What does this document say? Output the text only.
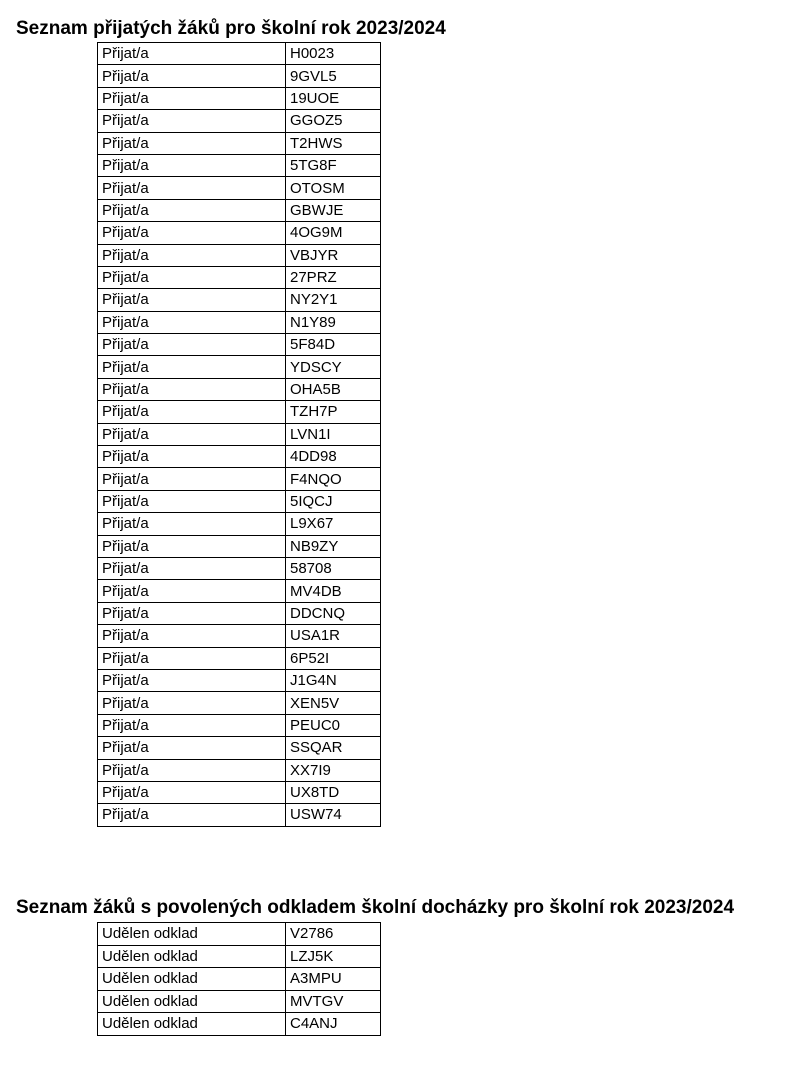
Seznam přijatých žáků pro školní rok 2023/2024
Přijat/a	H0023
Přijat/a	9GVL5
Přijat/a	19UOE
Přijat/a	GGOZ5
Přijat/a	T2HWS
Přijat/a	5TG8F
Přijat/a	OTOSM
Přijat/a	GBWJE
Přijat/a	4OG9M
Přijat/a	VBJYR
Přijat/a	27PRZ
Přijat/a	NY2Y1
Přijat/a	N1Y89
Přijat/a	5F84D
Přijat/a	YDSCY
Přijat/a	OHA5B
Přijat/a	TZH7P
Přijat/a	LVN1I
Přijat/a	4DD98
Přijat/a	F4NQO
Přijat/a	5IQCJ
Přijat/a	L9X67
Přijat/a	NB9ZY
Přijat/a	58708
Přijat/a	MV4DB
Přijat/a	DDCNQ
Přijat/a	USA1R
Přijat/a	6P52I
Přijat/a	J1G4N
Přijat/a	XEN5V
Přijat/a	PEUC0
Přijat/a	SSQAR
Přijat/a	XX7I9
Přijat/a	UX8TD
Přijat/a	USW74
Seznam žáků s povolených odkladem školní docházky pro školní rok 2023/2024
Udělen odklad	V2786
Udělen odklad	LZJ5K
Udělen odklad	A3MPU
Udělen odklad	MVTGV
Udělen odklad	C4ANJ
